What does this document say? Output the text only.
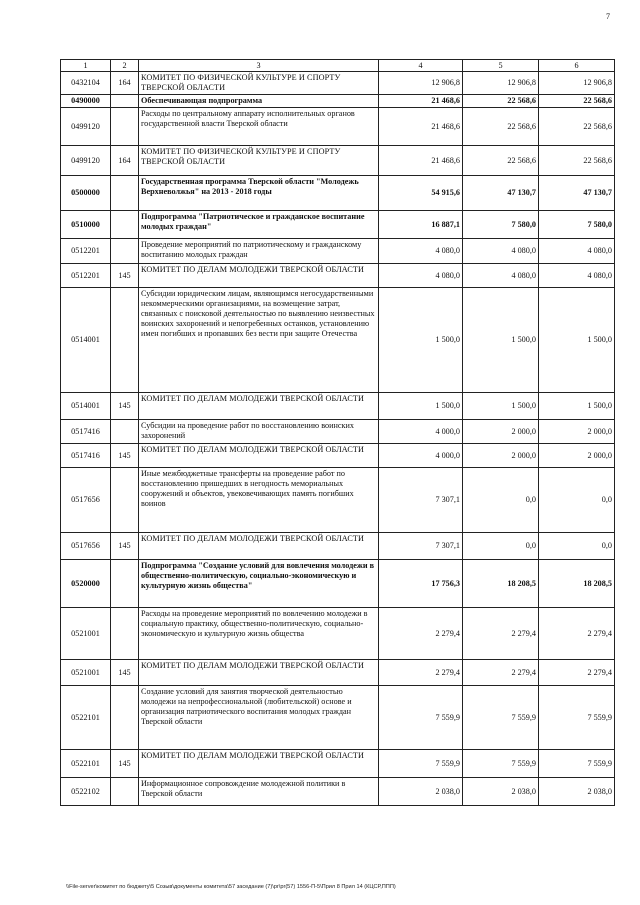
7
1	2	3	4	5	6
0432104	164	КОМИТЕТ ПО ФИЗИЧЕСКОЙ КУЛЬТУРЕ И СПОРТУ ТВЕРСКОЙ ОБЛАСТИ	12 906,8	12 906,8	12 906,8
0490000		Обеспечивающая подпрограмма	21 468,6	22 568,6	22 568,6
0499120		Расходы по центральному аппарату исполнительных органов государственной власти Тверской области	21 468,6	22 568,6	22 568,6
0499120	164	КОМИТЕТ ПО ФИЗИЧЕСКОЙ КУЛЬТУРЕ И СПОРТУ ТВЕРСКОЙ ОБЛАСТИ	21 468,6	22 568,6	22 568,6
0500000		Государственная программа Тверской области "Молодежь Верхневолжья" на 2013 - 2018 годы	54 915,6	47 130,7	47 130,7
0510000		Подпрограмма "Патриотическое и гражданское воспитание молодых граждан"	16 887,1	7 580,0	7 580,0
0512201		Проведение мероприятий по патриотическому и гражданскому воспитанию молодых граждан	4 080,0	4 080,0	4 080,0
0512201	145	КОМИТЕТ ПО ДЕЛАМ МОЛОДЕЖИ ТВЕРСКОЙ ОБЛАСТИ	4 080,0	4 080,0	4 080,0
0514001		Субсидии юридическим лицам, являющимся негосударственными некоммерческими организациями, на возмещение затрат, связанных с поисковой деятельностью по выявлению неизвестных воинских захоронений и непогребенных останков, установлению имен погибших и пропавших без вести при защите Отечества	1 500,0	1 500,0	1 500,0
0514001	145	КОМИТЕТ ПО ДЕЛАМ МОЛОДЕЖИ ТВЕРСКОЙ ОБЛАСТИ	1 500,0	1 500,0	1 500,0
0517416		Субсидии на проведение работ по восстановлению воинских захоронений	4 000,0	2 000,0	2 000,0
0517416	145	КОМИТЕТ ПО ДЕЛАМ МОЛОДЕЖИ ТВЕРСКОЙ ОБЛАСТИ	4 000,0	2 000,0	2 000,0
0517656		Иные межбюджетные трансферты на проведение работ по восстановлению пришедших в негодность мемориальных сооружений и объектов, увековечивающих память погибших воинов	7 307,1	0,0	0,0
0517656	145	КОМИТЕТ ПО ДЕЛАМ МОЛОДЕЖИ ТВЕРСКОЙ ОБЛАСТИ	7 307,1	0,0	0,0
0520000		Подпрограмма "Создание условий для вовлечения молодежи в общественно-политическую, социально-экономическую и культурную жизнь общества"	17 756,3	18 208,5	18 208,5
0521001		Расходы на проведение мероприятий по вовлечению молодежи в социальную практику, общественно-политическую, социально-экономическую и культурную жизнь общества	2 279,4	2 279,4	2 279,4
0521001	145	КОМИТЕТ ПО ДЕЛАМ МОЛОДЕЖИ ТВЕРСКОЙ ОБЛАСТИ	2 279,4	2 279,4	2 279,4
0522101		Создание условий для занятия творческой деятельностью молодежи на непрофессиональной (любительской) основе и организация патриотического воспитания молодых граждан Тверской области	7 559,9	7 559,9	7 559,9
0522101	145	КОМИТЕТ ПО ДЕЛАМ МОЛОДЕЖИ ТВЕРСКОЙ ОБЛАСТИ	7 559,9	7 559,9	7 559,9
0522102		Информационное сопровождение молодежной политики в Тверской области	2 038,0	2 038,0	2 038,0
\\File-server\комитет по бюджету\5 Созыв\документы комитета\57 заседание (7)\pr\pr(57) 1556-П-5\Прил 8 Прил 14 (КЦСР,ППП)
